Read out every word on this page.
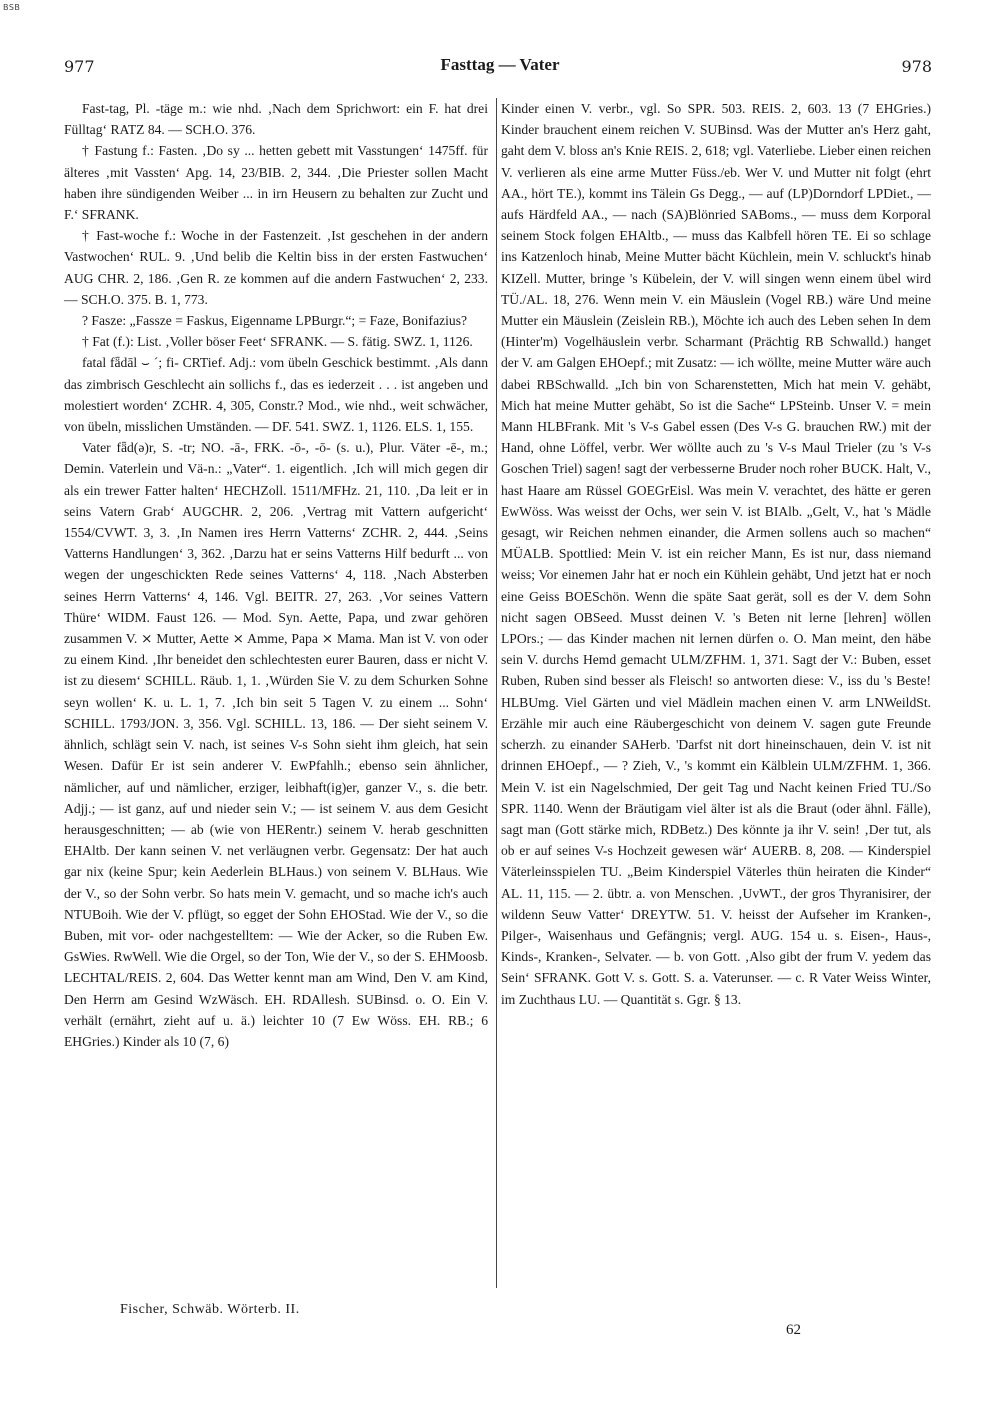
BSB
977	Fasttag — Vater	978

Fast-tag, Pl. -täge m.: wie nhd. ‚Nach dem Sprichwort: ein F. hat drei Fülltag‘ RATZ 84. — SCH.O. 376.

† Fastung f.: Fasten. ‚Do sy ... hetten gebett mit Vasstungen‘ 1475ff. für älteres ‚mit Vassten‘ Apg. 14, 23/BIB. 2, 344. ‚Die Priester sollen Macht haben ihre sündigenden Weiber ... in irn Heusern zu behalten zur Zucht und F.‘ SFRANK.

† Fast-woche f.: Woche in der Fastenzeit. ‚Ist geschehen in der andern Vastwochen‘ RUL. 9. ‚Und belib die Keltin biss in der ersten Fastwuchen‘ AUG CHR. 2, 186. ‚Gen R. ze kommen auf die andern Fastwuchen‘ 2, 233. — SCH.O. 375. B. 1, 773.

? Fasze: „Fassze = Faskus, Eigenname LPBurgr.“; = Faze, Bonifazius?

† Fat (f.): List. ‚Voller böser Feet‘ SFRANK. — S. fätig. SWZ. 1, 1126.

fatal fǟdāl ⌣ ´; fi- CRTief. Adj.: vom übeln Geschick bestimmt. ‚Als dann das zimbrisch Geschlecht ain sollichs f., das es iederzeit . . . ist angeben und molestiert worden‘ ZCHR. 4, 305, Constr.? Mod., wie nhd., weit schwächer, von übeln, misslichen Umständen. — DF. 541. SWZ. 1, 1126. ELS. 1, 155.

Vater fǟd(ə)r, S. -tr; NO. -ā-, FRK. -ō-, -ō- (s. u.), Plur. Väter -ē-, m.; Demin. Vaterlein und Vä-n.: „Vater“. 1. eigentlich. ‚Ich will mich gegen dir als ein trewer Fatter halten‘ HECHZoll. 1511/MFHz. 21, 110. ‚Da leit er in seins Vatern Grab‘ AUGCHR. 2, 206. ‚Vertrag mit Vattern aufgericht‘ 1554/CVWT. 3, 3. ‚In Namen ires Herrn Vatterns‘ ZCHR. 2, 444. ‚Seins Vatterns Handlungen‘ 3, 362. ‚Darzu hat er seins Vatterns Hilf bedurft ... von wegen der ungeschickten Rede seines Vatterns‘ 4, 118. ‚Nach Absterben seines Herrn Vatterns‘ 4, 146. Vgl. BEITR. 27, 263. ‚Vor seines Vattern Thüre‘ WIDM. Faust 126. — Mod. Syn. Aette, Papa, und zwar gehören zusammen V. ⨯ Mutter, Aette ⨯ Amme, Papa ⨯ Mama. Man ist V. von oder zu einem Kind. ‚Ihr beneidet den schlechtesten eurer Bauren, dass er nicht V. ist zu diesem‘ SCHILL. Räub. 1, 1. ‚Würden Sie V. zu dem Schurken Sohne seyn wollen‘ K. u. L. 1, 7. ‚Ich bin seit 5 Tagen V. zu einem ... Sohn‘ SCHILL. 1793/JON. 3, 356. Vgl. SCHILL. 13, 186. — Der sieht seinem V. ähnlich, schlägt sein V. nach, ist seines V-s Sohn sieht ihm gleich, hat sein Wesen. Dafür Er ist sein anderer V. EwPfahlh.; ebenso sein ähnlicher, nämlicher, auf und nämlicher, erziger, leibhaft(ig)er, ganzer V., s. die betr. Adjj.; — ist ganz, auf und nieder sein V.; — ist seinem V. aus dem Gesicht herausgeschnitten; — ab (wie von HERentr.) seinem V. herab geschnitten EHAltb. Der kann seinen V. net verläugnen verbr. Gegensatz: Der hat auch gar nix (keine Spur; kein Aederlein BLHaus.) von seinem V. BLHaus. Wie der V., so der Sohn verbr. So hats mein V. gemacht, und so mache ich's auch NTUBoih. Wie der V. pflügt, so egget der Sohn EHOStad. Wie der V., so die Buben, mit vor- oder nachgestelltem: — Wie der Acker, so die Ruben Ew. GsWies. RwWell. Wie die Orgel, so der Ton, Wie der V., so der S. EHMoosb. LECHTAL/REIS. 2, 604. Das Wetter kennt man am Wind, Den V. am Kind, Den Herrn am Gesind WzWäsch. EH. RDAllesh. SUBinsd. o. O. Ein V. verhält (ernährt, zieht auf u. ä.) leichter 10 (7 Ew Wöss. EH. RB.; 6 EHGries.) Kinder als 10 (7, 6)

Kinder einen V. verbr., vgl. So SPR. 503. REIS. 2, 603. 13 (7 EHGries.) Kinder brauchent einem reichen V. SUBinsd. Was der Mutter an's Herz gaht, gaht dem V. bloss an's Knie REIS. 2, 618; vgl. Vaterliebe. Lieber einen reichen V. verlieren als eine arme Mutter Füss./eb. Wer V. und Mutter nit folgt (ehrt AA., hört TE.), kommt ins Tälein Gs Degg., — auf (LP)Dorndorf LPDiet., — aufs Härdfeld AA., — nach (SA)Blönried SABoms., — muss dem Korporal seinem Stock folgen EHAltb., — muss das Kalbfell hören TE. Ei so schlage ins Katzenloch hinab, Meine Mutter bächt Küchlein, mein V. schluckt's hinab KIZell. Mutter, bringe 's Kübelein, der V. will singen wenn einem übel wird TÜ./AL. 18, 276. Wenn mein V. ein Mäuslein (Vogel RB.) wäre Und meine Mutter ein Mäuslein (Zeislein RB.), Möchte ich auch des Leben sehen In dem (Hinter'm) Vogelhäuslein verbr. Scharmant (Prächtig RB Schwalld.) hanget der V. am Galgen EHOepf.; mit Zusatz: — ich wöllte, meine Mutter wäre auch dabei RBSchwalld. „Ich bin von Scharenstetten, Mich hat mein V. gehäbt, Mich hat meine Mutter gehäbt, So ist die Sache“ LPSteinb. Unser V. = mein Mann HLBFrank. Mit 's V-s Gabel essen (Des V-s G. brauchen RW.) mit der Hand, ohne Löffel, verbr. Wer wöllte auch zu 's V-s Maul Trieler (zu 's V-s Goschen Triel) sagen! sagt der verbesserne Bruder noch roher BUCK. Halt, V., hast Haare am Rüssel GOEGrEisl. Was mein V. verachtet, des hätte er geren EwWöss. Was weisst der Ochs, wer sein V. ist BIAlb. „Gelt, V., hat 's Mädle gesagt, wir Reichen nehmen einander, die Armen sollens auch so machen“ MÜALB. Spottlied: Mein V. ist ein reicher Mann, Es ist nur, dass niemand weiss; Vor einemen Jahr hat er noch ein Kühlein gehäbt, Und jetzt hat er noch eine Geiss BOESchön. Wenn die späte Saat gerät, soll es der V. dem Sohn nicht sagen OBSeed. Musst deinen V. 's Beten nit lerne [lehren] wöllen LPOrs.; — das Kinder machen nit lernen dürfen o. O. Man meint, den häbe sein V. durchs Hemd gemacht ULM/ZFHM. 1, 371. Sagt der V.: Buben, esset Ruben, Ruben sind besser als Fleisch! so antworten diese: V., iss du 's Beste! HLBUmg. Viel Gärten und viel Mädlein machen einen V. arm LNWeildSt. Erzähle mir auch eine Räubergeschicht von deinem V. sagen gute Freunde scherzh. zu einander SAHerb. 'Darfst nit dort hineinschauen, dein V. ist nit drinnen EHOepf., — ? Zieh, V., 's kommt ein Kälblein ULM/ZFHM. 1, 366. Mein V. ist ein Nagelschmied, Der geit Tag und Nacht keinen Fried TU./So SPR. 1140. Wenn der Bräutigam viel älter ist als die Braut (oder ähnl. Fälle), sagt man (Gott stärke mich, RDBetz.) Des könnte ja ihr V. sein! ‚Der tut, als ob er auf seines V-s Hochzeit gewesen wär‘ AUERB. 8, 208. — Kinderspiel Väterleinsspielen TU. „Beim Kinderspiel Väterles thün heiraten die Kinder“ AL. 11, 115. — 2. übtr. a. von Menschen. ‚UvWT., der gros Thyranisirer, der wildenn Seuw Vatter‘ DREYTW. 51. V. heisst der Aufseher im Kranken-, Pilger-, Waisenhaus und Gefängnis; vergl. AUG. 154 u. s. Eisen-, Haus-, Kinds-, Kranken-, Selvater. — b. von Gott. ‚Also gibt der frum V. yedem das Sein‘ SFRANK. Gott V. s. Gott. S. a. Vaterunser. — c. R Vater Weiss Winter, im Zuchthaus LU. — Quantität s. Ggr. § 13.

Fischer, Schwäb. Wörterb. II.
62
